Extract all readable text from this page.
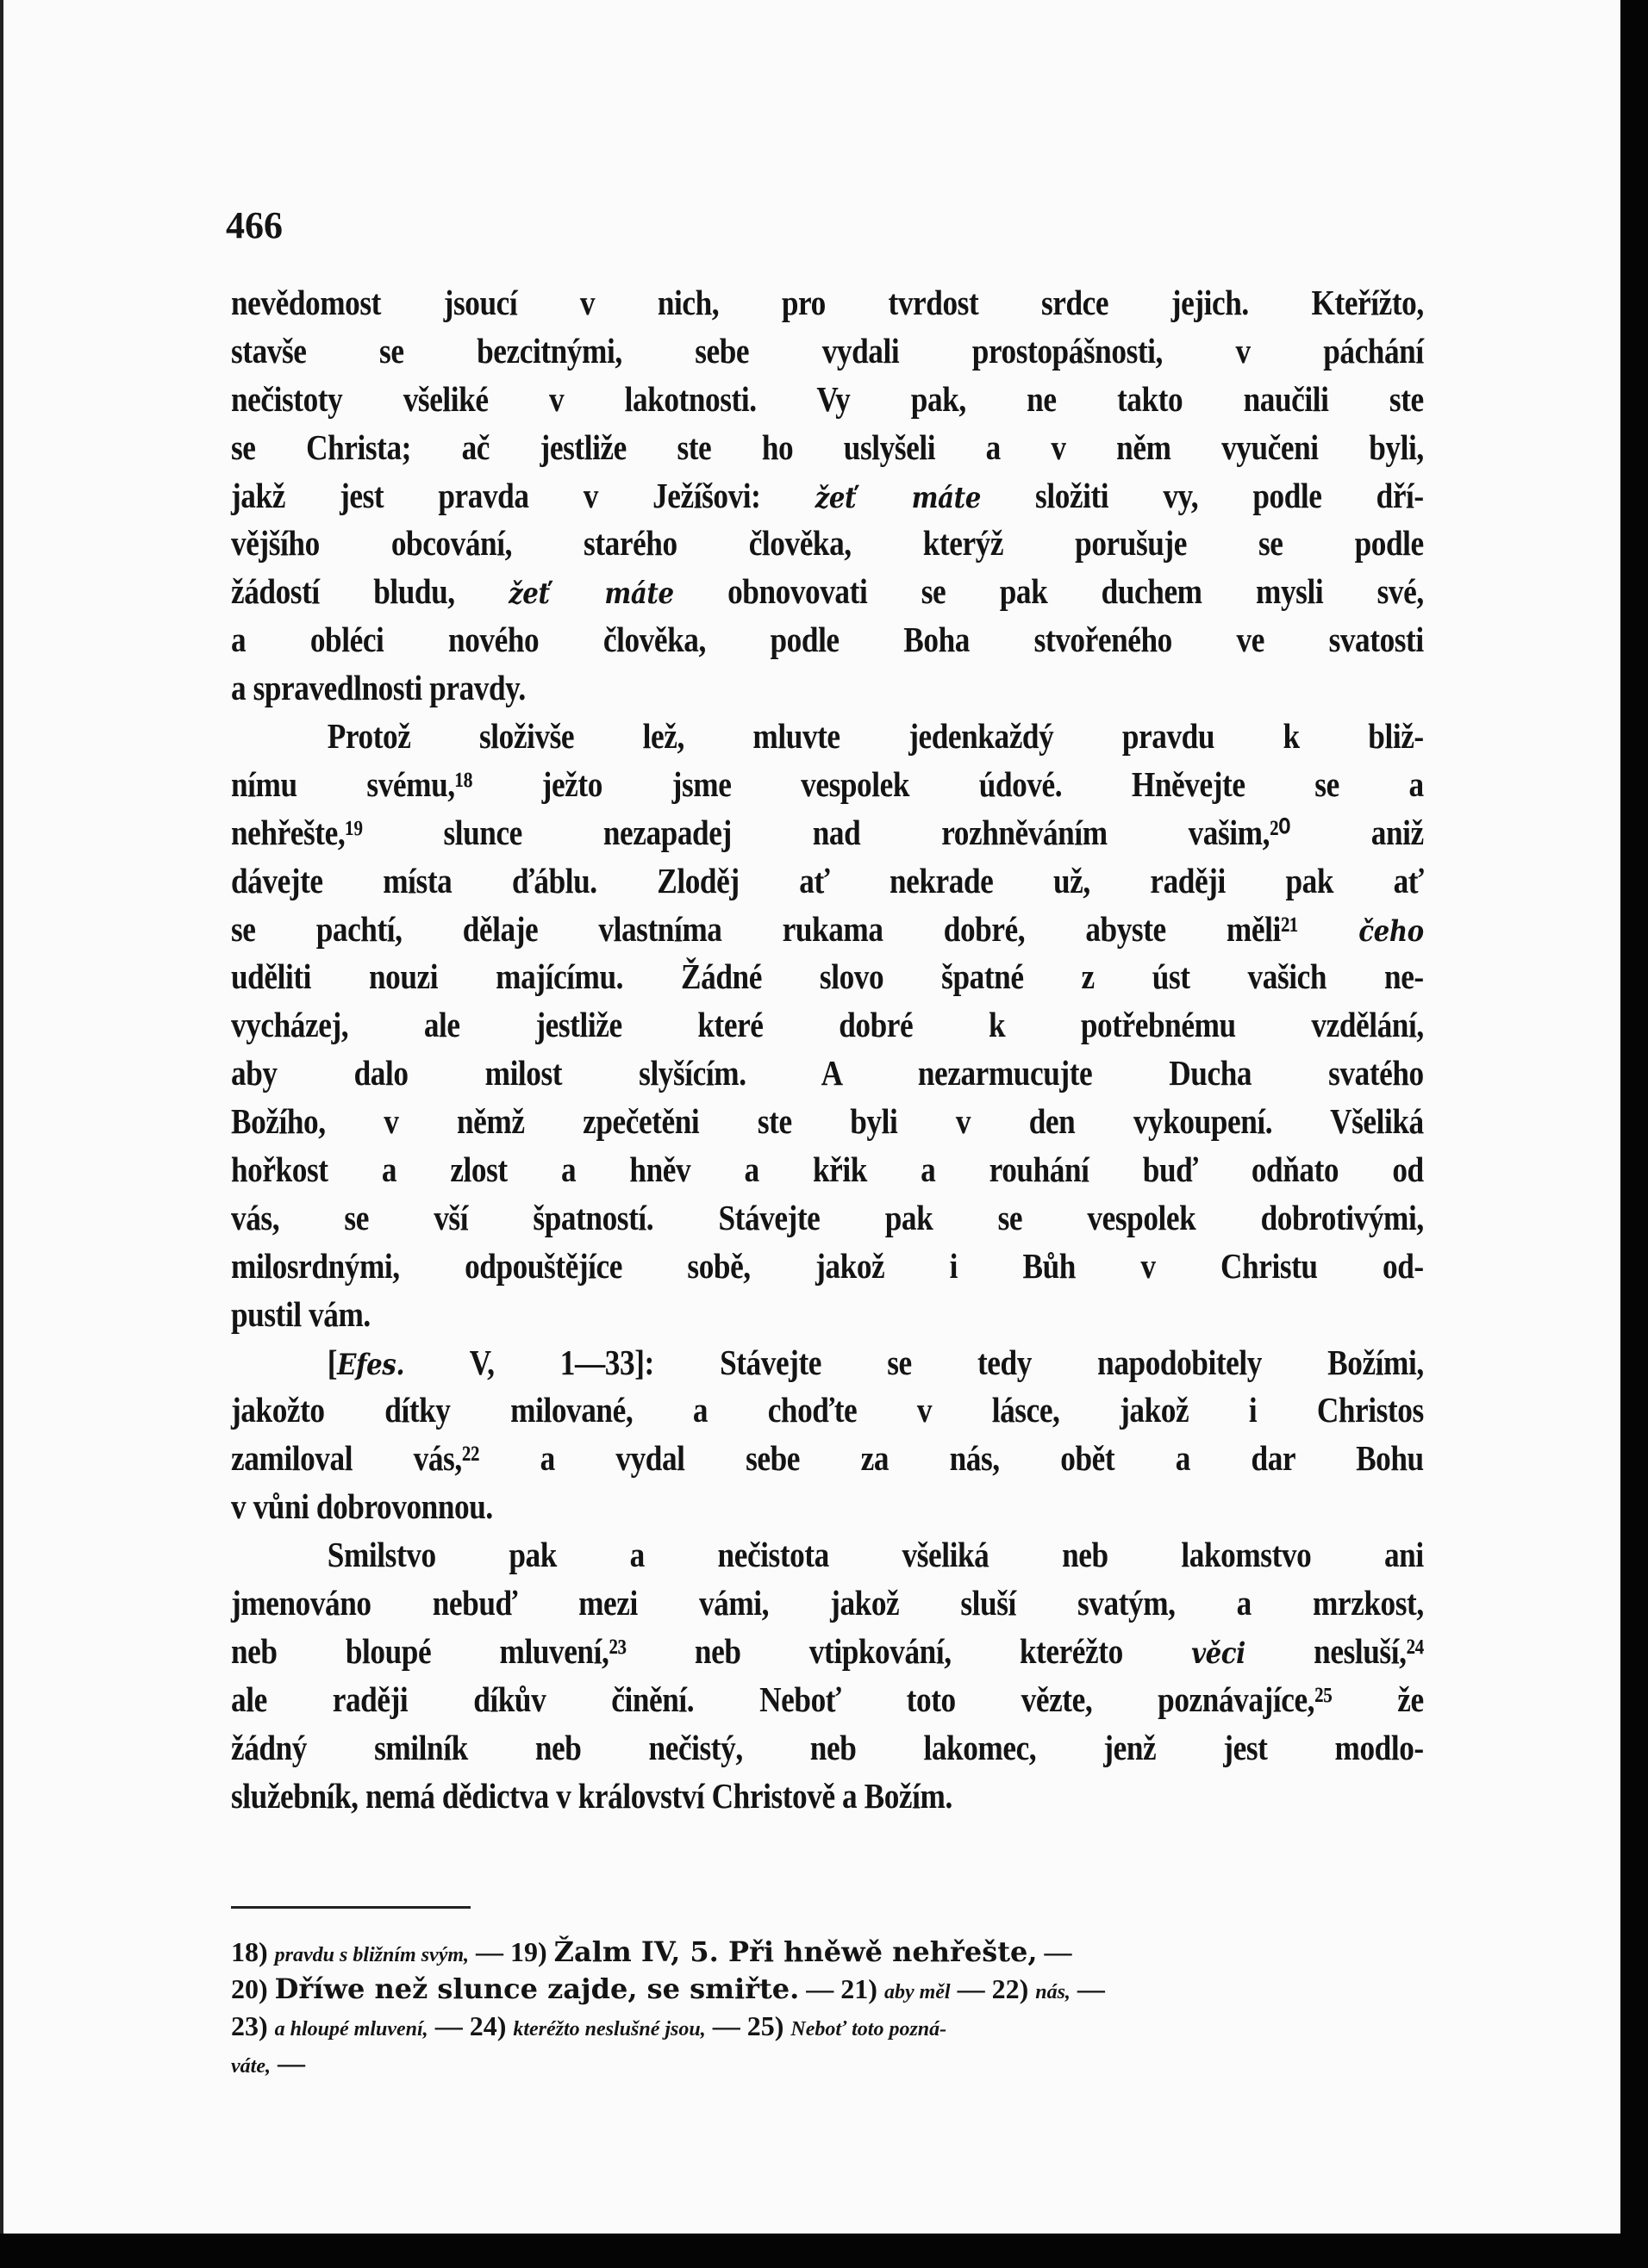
466
nevědomost jsoucí v nich, pro tvrdost srdce jejich. Kteřížto,
stavše se bezcitnými, sebe vydali prostopášnosti, v páchání
nečistoty všeliké v lakotnosti. Vy pak, ne takto naučili ste
se Christa; ač jestliže ste ho uslyšeli a v něm vyučeni byli,
jakž jest pravda v Ježíšovi: žeť máte složiti vy, podle dří-
vějšího obcování, starého člověka, kterýž porušuje se podle
žádostí bludu, žeť máte obnovovati se pak duchem mysli své,
a obléci nového člověka, podle Boha stvořeného ve svatosti
a spravedlnosti pravdy.
Protož složivše lež, mluvte jedenkaždý pravdu k bliž-
nímu svému,¹⁸ ježto jsme vespolek údové. Hněvejte se a
nehřešte,¹⁹ slunce nezapadej nad rozhněváním vašim,²⁰ aniž
dávejte místa ďáblu. Zloděj ať nekrade už, raději pak ať
se pachtí, dělaje vlastníma rukama dobré, abyste měli²¹ čeho
uděliti nouzi majícímu. Žádné slovo špatné z úst vašich ne-
vycházej, ale jestliže které dobré k potřebnému vzdělání,
aby dalo milost slyšícím. A nezarmucujte Ducha svatého
Božího, v němž zpečetěni ste byli v den vykoupení. Všeliká
hořkost a zlost a hněv a křik a rouhání buď odňato od
vás, se vší špatností. Stávejte pak se vespolek dobrotivými,
milosrdnými, odpouštějíce sobě, jakož i Bůh v Christu od-
pustil vám.
[Efes. V, 1—33]: Stávejte se tedy napodobitely Božími,
jakožto dítky milované, a choďte v lásce, jakož i Christos
zamiloval vás,²² a vydal sebe za nás, obět a dar Bohu
v vůni dobrovonnou.
Smilstvo pak a nečistota všeliká neb lakomstvo ani
jmenováno nebuď mezi vámi, jakož sluší svatým, a mrzkost,
neb bloupé mluvení,²³ neb vtipkování, kteréžto věci nesluší,²⁴
ale raději díkův činění. Neboť toto vězte, poznávajíce,²⁵ že
žádný smilník neb nečistý, neb lakomec, jenž jest modlo-
služebník, nemá dědictva v království Christově a Božím.
18) pravdu s bližním svým, — 19) Žalm IV, 5. Při hněwě nehřešte, —
20) Dříwe než slunce zajde, se smiřte. — 21) aby měl — 22) nás, —
23) a hloupé mluvení, — 24) kteréžto neslušné jsou, — 25) Neboť toto pozná-
váte, —
